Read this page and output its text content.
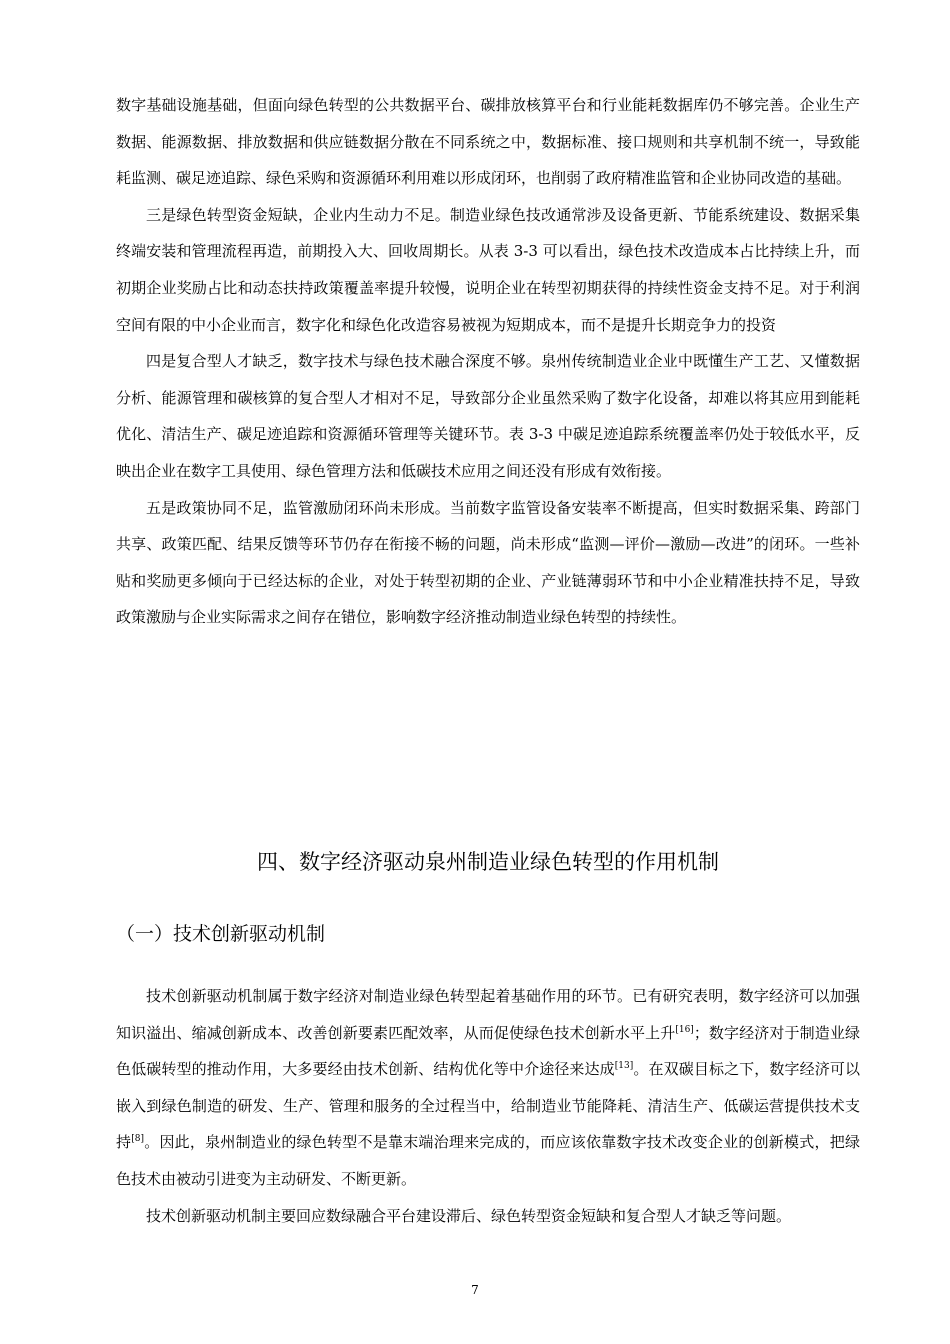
数字基础设施基础，但面向绿色转型的公共数据平台、碳排放核算平台和行业能耗数据库仍不够完善。企业生产数据、能源数据、排放数据和供应链数据分散在不同系统之中，数据标准、接口规则和共享机制不统一，导致能耗监测、碳足迹追踪、绿色采购和资源循环利用难以形成闭环，也削弱了政府精准监管和企业协同改造的基础。

三是绿色转型资金短缺，企业内生动力不足。制造业绿色技改通常涉及设备更新、节能系统建设、数据采集终端安装和管理流程再造，前期投入大、回收周期长。从表 3-3 可以看出，绿色技术改造成本占比持续上升，而初期企业奖励占比和动态扶持政策覆盖率提升较慢，说明企业在转型初期获得的持续性资金支持不足。对于利润空间有限的中小企业而言，数字化和绿色化改造容易被视为短期成本，而不是提升长期竞争力的投资

四是复合型人才缺乏，数字技术与绿色技术融合深度不够。泉州传统制造业企业中既懂生产工艺、又懂数据分析、能源管理和碳核算的复合型人才相对不足，导致部分企业虽然采购了数字化设备，却难以将其应用到能耗优化、清洁生产、碳足迹追踪和资源循环管理等关键环节。表 3-3 中碳足迹追踪系统覆盖率仍处于较低水平，反映出企业在数字工具使用、绿色管理方法和低碳技术应用之间还没有形成有效衔接。

五是政策协同不足，监管激励闭环尚未形成。当前数字监管设备安装率不断提高，但实时数据采集、跨部门共享、政策匹配、结果反馈等环节仍存在衔接不畅的问题，尚未形成“监测—评价—激励—改进”的闭环。一些补贴和奖励更多倾向于已经达标的企业，对处于转型初期的企业、产业链薄弱环节和中小企业精准扶持不足，导致政策激励与企业实际需求之间存在错位，影响数字经济推动制造业绿色转型的持续性。

四、数字经济驱动泉州制造业绿色转型的作用机制
（一）技术创新驱动机制

技术创新驱动机制属于数字经济对制造业绿色转型起着基础作用的环节。已有研究表明，数字经济可以加强知识溢出、缩减创新成本、改善创新要素匹配效率，从而促使绿色技术创新水平上升[16]；数字经济对于制造业绿色低碳转型的推动作用，大多要经由技术创新、结构优化等中介途径来达成[13]。在双碳目标之下，数字经济可以嵌入到绿色制造的研发、生产、管理和服务的全过程当中，给制造业节能降耗、清洁生产、低碳运营提供技术支持[8]。因此，泉州制造业的绿色转型不是靠末端治理来完成的，而应该依靠数字技术改变企业的创新模式，把绿色技术由被动引进变为主动研发、不断更新。

技术创新驱动机制主要回应数绿融合平台建设滞后、绿色转型资金短缺和复合型人才缺乏等问题。

7
